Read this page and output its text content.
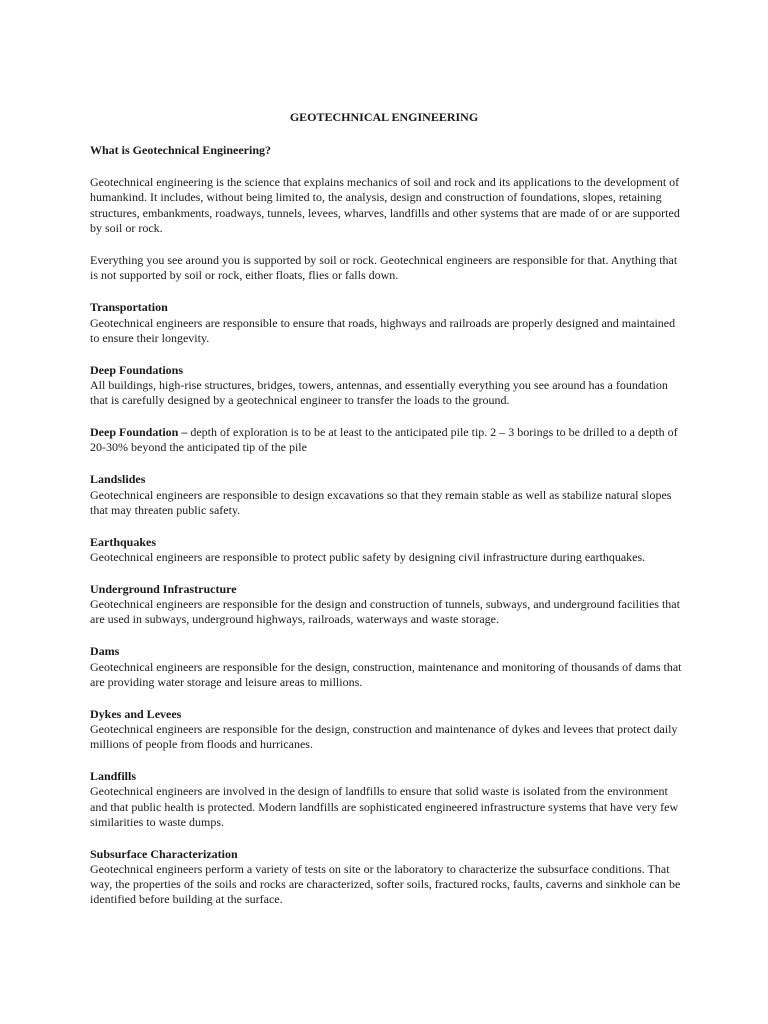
GEOTECHNICAL ENGINEERING
What is Geotechnical Engineering?

Geotechnical engineering is the science that explains mechanics of soil and rock and its applications to the development of humankind. It includes, without being limited to, the analysis, design and construction of foundations, slopes, retaining structures, embankments, roadways, tunnels, levees, wharves, landfills and other systems that are made of or are supported by soil or rock.

Everything you see around you is supported by soil or rock. Geotechnical engineers are responsible for that. Anything that is not supported by soil or rock, either floats, flies or falls down.

Transportation
Geotechnical engineers are responsible to ensure that roads, highways and railroads are properly designed and maintained to ensure their longevity.
Deep Foundations
All buildings, high-rise structures, bridges, towers, antennas, and essentially everything you see around has a foundation that is carefully designed by a geotechnical engineer to transfer the loads to the ground.
Deep Foundation – depth of exploration is to be at least to the anticipated pile tip. 2 – 3 borings to be drilled to a depth of 20-30% beyond the anticipated tip of the pile
Landslides
Geotechnical engineers are responsible to design excavations so that they remain stable as well as stabilize natural slopes that may threaten public safety.
Earthquakes
Geotechnical engineers are responsible to protect public safety by designing civil infrastructure during earthquakes.
Underground Infrastructure
Geotechnical engineers are responsible for the design and construction of tunnels, subways, and underground facilities that are used in subways, underground highways, railroads, waterways and waste storage.
Dams
Geotechnical engineers are responsible for the design, construction, maintenance and monitoring of thousands of dams that are providing water storage and leisure areas to millions.
Dykes and Levees
Geotechnical engineers are responsible for the design, construction and maintenance of dykes and levees that protect daily millions of people from floods and hurricanes.
Landfills
Geotechnical engineers are involved in the design of landfills to ensure that solid waste is isolated from the environment and that public health is protected. Modern landfills are sophisticated engineered infrastructure systems that have very few similarities to waste dumps.
Subsurface Characterization
Geotechnical engineers perform a variety of tests on site or the laboratory to characterize the subsurface conditions. That way, the properties of the soils and rocks are characterized, softer soils, fractured rocks, faults, caverns and sinkhole can be identified before building at the surface.
